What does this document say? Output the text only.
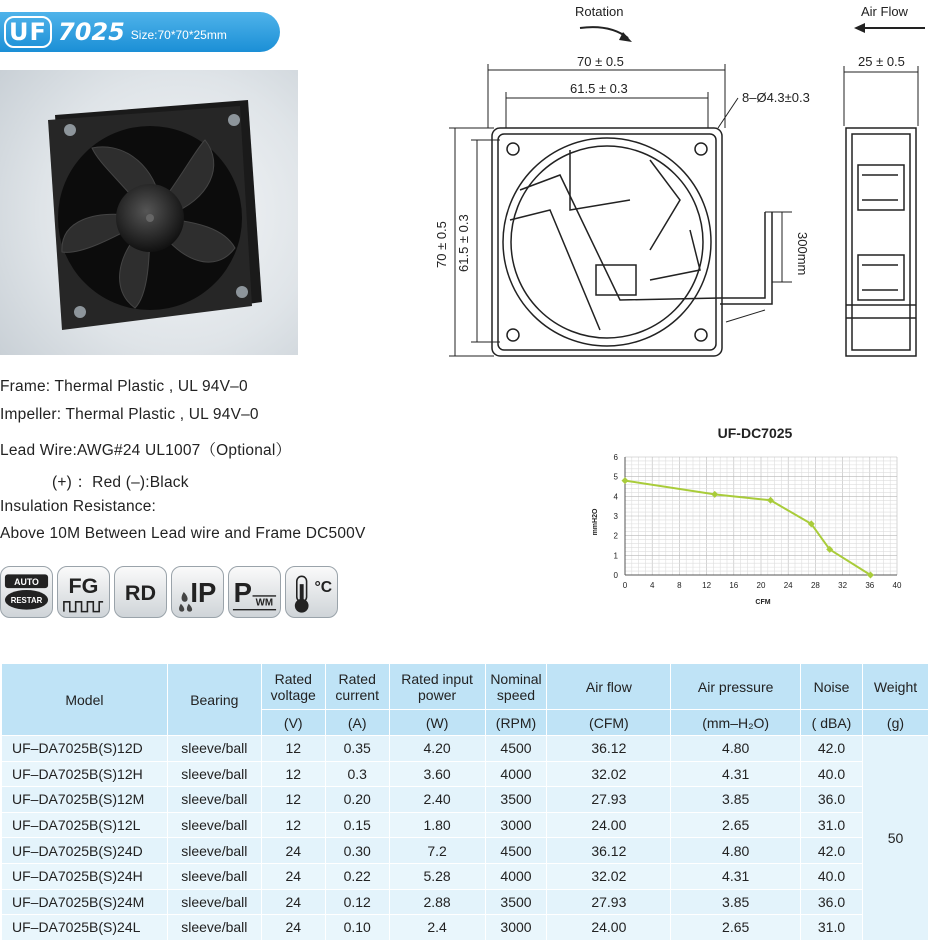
UF 7025 Size:70*70*25mm
Rotation	Air Flow
70 ± 0.5
61.5 ± 0.3
8–Ø4.3±0.3
70 ± 0.5 61.5 ± 0.3	300mm
25 ± 0.5
Frame: Thermal Plastic , UL 94V–0
Impeller: Thermal Plastic , UL 94V–0
Lead Wire:AWG#24 UL1007（Optional）
(+) ：Red (–):Black
Insulation Resistance:
Above 10M Between Lead wire and Frame DC500V
AUTO
RESTAR
FG RD IP P WM
°C
UF-DC7025
0	4	8	12 16 20 24 28 32 36 40
0
1
2
3
4
5
6
CFM
mmH2O
Model	Bearing	Rated voltage	Rated current	Rated input power	Nominal speed	Air flow	Air pressure	Noise	Weight
		(V)	(A)	(W)	(RPM)	(CFM)	(mm–H₂O)	( dBA)	(g)
UF–DA7025B(S)12D	sleeve/ball	12	0.35	4.20	4500	36.12	4.80	42.0	50
UF–DA7025B(S)12H	sleeve/ball	12	0.3	3.60	4000	32.02	4.31	40.0	
UF–DA7025B(S)12M	sleeve/ball	12	0.20	2.40	3500	27.93	3.85	36.0	
UF–DA7025B(S)12L	sleeve/ball	12	0.15	1.80	3000	24.00	2.65	31.0	
UF–DA7025B(S)24D	sleeve/ball	24	0.30	7.2	4500	36.12	4.80	42.0	
UF–DA7025B(S)24H	sleeve/ball	24	0.22	5.28	4000	32.02	4.31	40.0	
UF–DA7025B(S)24M	sleeve/ball	24	0.12	2.88	3500	27.93	3.85	36.0	
UF–DA7025B(S)24L	sleeve/ball	24	0.10	2.4	3000	24.00	2.65	31.0	
